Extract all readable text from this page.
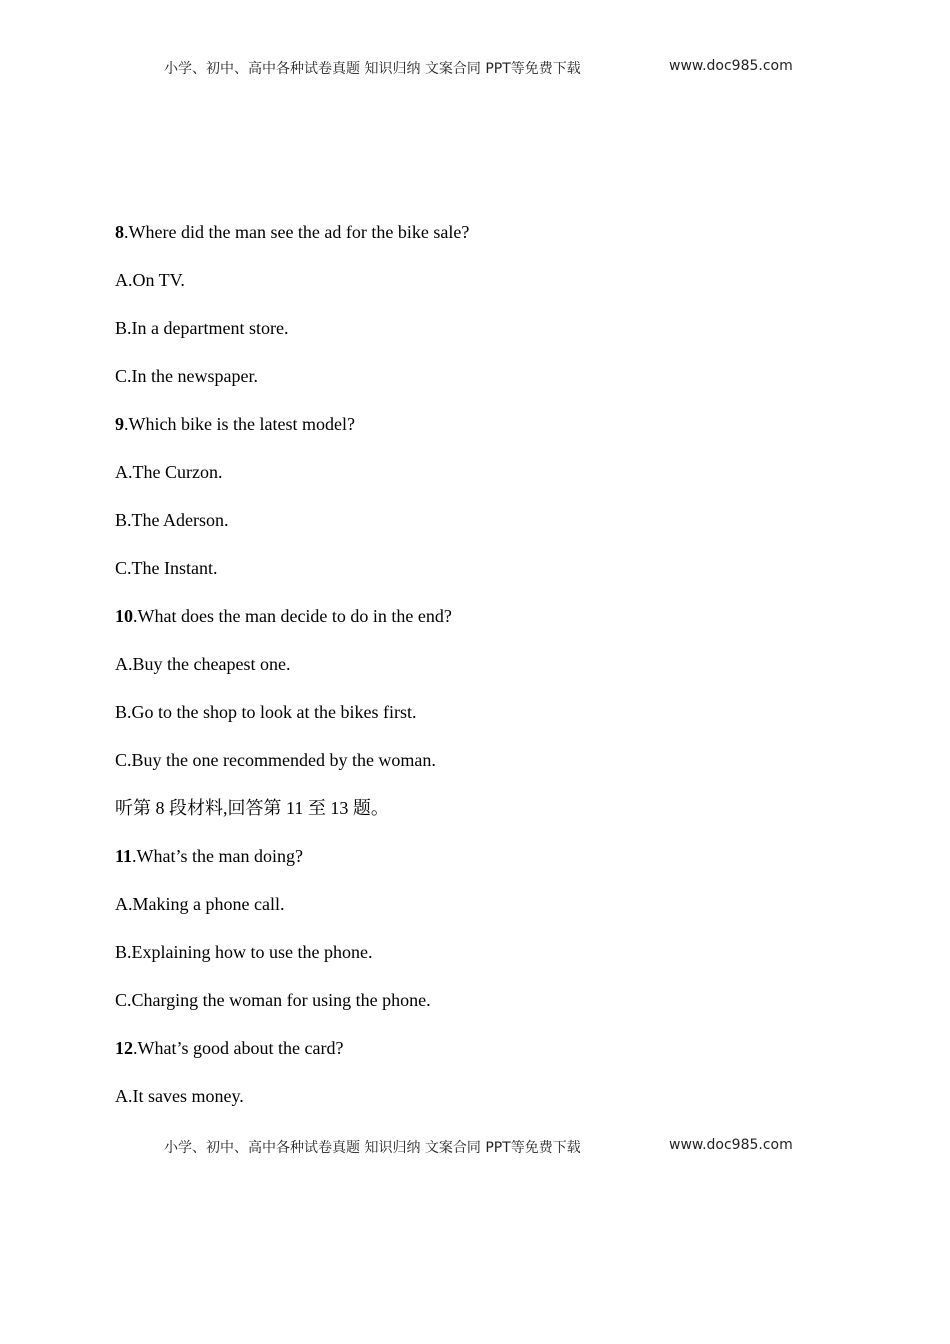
小学、初中、高中各种试卷真题 知识归纳 文案合同 PPT等免费下载	www.doc985.com
8.Where did the man see the ad for the bike sale?
A.On TV.
B.In a department store.
C.In the newspaper.
9.Which bike is the latest model?
A.The Curzon.
B.The Aderson.
C.The Instant.
10.What does the man decide to do in the end?
A.Buy the cheapest one.
B.Go to the shop to look at the bikes first.
C.Buy the one recommended by the woman.
听第 8 段材料,回答第 11 至 13 题。
11.What’s the man doing?
A.Making a phone call.
B.Explaining how to use the phone.
C.Charging the woman for using the phone.
12.What’s good about the card?
A.It saves money.
小学、初中、高中各种试卷真题 知识归纳 文案合同 PPT等免费下载	www.doc985.com
